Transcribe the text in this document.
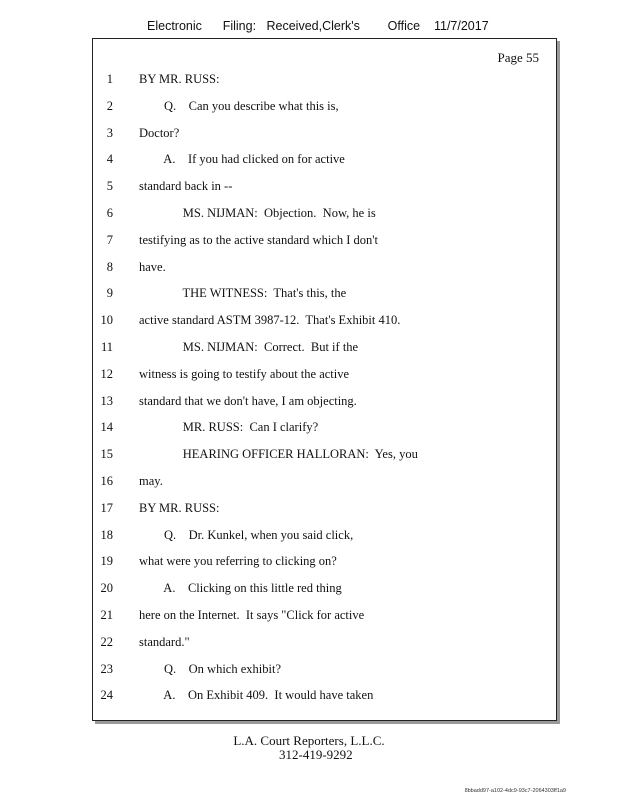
Electronic      Filing:   Received,Clerk's        Office    11/7/2017
Page 55
1 BY MR. RUSS:
2 Q.    Can you describe what this is,
3 Doctor?
4 A.    If you had clicked on for active
5 standard back in --
6 MS. NIJMAN:  Objection.  Now, he is
7 testifying as to the active standard which I don't
8 have.
9 THE WITNESS:  That's this, the
10 active standard ASTM 3987-12.  That's Exhibit 410.
11 MS. NIJMAN:  Correct.  But if the
12 witness is going to testify about the active
13 standard that we don't have, I am objecting.
14 MR. RUSS:  Can I clarify?
15 HEARING OFFICER HALLORAN:  Yes, you
16 may.
17 BY MR. RUSS:
18 Q.    Dr. Kunkel, when you said click,
19 what were you referring to clicking on?
20 A.    Clicking on this little red thing
21 here on the Internet.  It says "Click for active
22 standard."
23 Q.    On which exhibit?
24 A.    On Exhibit 409.  It would have taken
L.A. Court Reporters, L.L.C.
312-419-9292
8bbadd97-a102-4dc9-93c7-2064303ff1a9
